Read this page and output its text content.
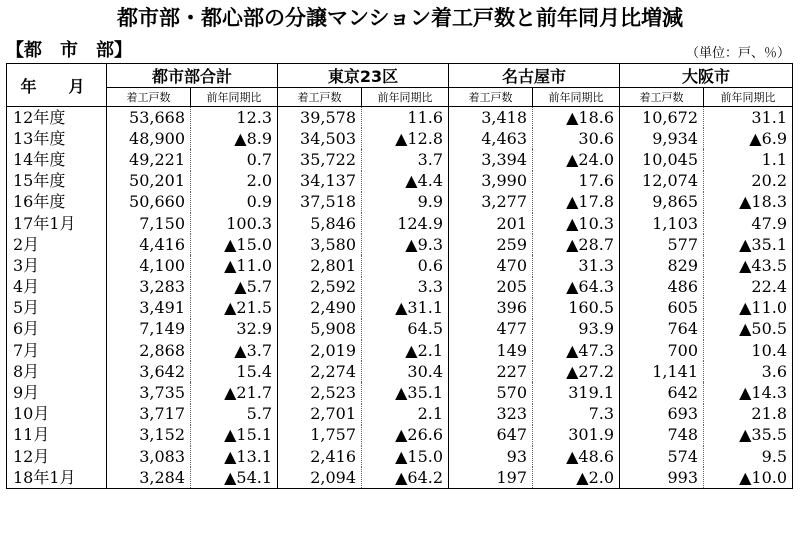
都市部・都心部の分譲マンション着工戸数と前年同月比増減
【都　市　部】	（単位：戸、％）
年　月	都市部合計		東京23区		名古屋市		大阪市	
	着工戸数	前年同期比	着工戸数	前年同期比	着工戸数	前年同期比	着工戸数	前年同期比
12年度	53,668	12.3	39,578	11.6	3,418	▲18.6	10,672	31.1
13年度	48,900	▲8.9	34,503	▲12.8	4,463	30.6	9,934	▲6.9
14年度	49,221	0.7	35,722	3.7	3,394	▲24.0	10,045	1.1
15年度	50,201	2.0	34,137	▲4.4	3,990	17.6	12,074	20.2
16年度	50,660	0.9	37,518	9.9	3,277	▲17.8	9,865	▲18.3
17年1月	7,150	100.3	5,846	124.9	201	▲10.3	1,103	47.9
2月	4,416	▲15.0	3,580	▲9.3	259	▲28.7	577	▲35.1
3月	4,100	▲11.0	2,801	0.6	470	31.3	829	▲43.5
4月	3,283	▲5.7	2,592	3.3	205	▲64.3	486	22.4
5月	3,491	▲21.5	2,490	▲31.1	396	160.5	605	▲11.0
6月	7,149	32.9	5,908	64.5	477	93.9	764	▲50.5
7月	2,868	▲3.7	2,019	▲2.1	149	▲47.3	700	10.4
8月	3,642	15.4	2,274	30.4	227	▲27.2	1,141	3.6
9月	3,735	▲21.7	2,523	▲35.1	570	319.1	642	▲14.3
10月	3,717	5.7	2,701	2.1	323	7.3	693	21.8
11月	3,152	▲15.1	1,757	▲26.6	647	301.9	748	▲35.5
12月	3,083	▲13.1	2,416	▲15.0	93	▲48.6	574	9.5
18年1月	3,284	▲54.1	2,094	▲64.2	197	▲2.0	993	▲10.0
